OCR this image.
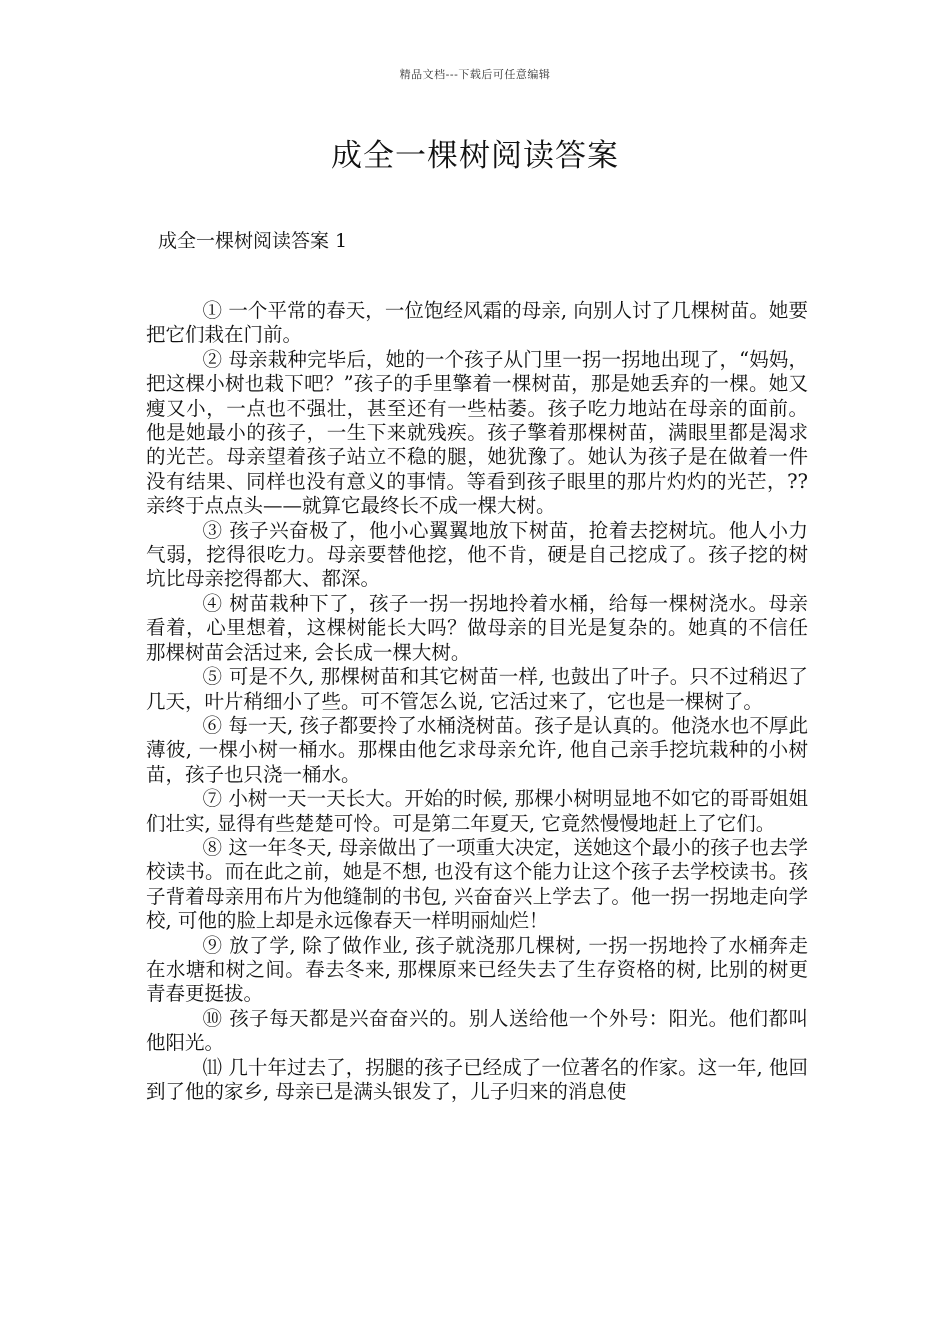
精品文档---下载后可任意编辑
成全一棵树阅读答案
成全一棵树阅读答案 1

① 一个平常的春天，一位饱经风霜的母亲, 向别人讨了几棵树苗。她要把它们栽在门前。

② 母亲栽种完毕后，她的一个孩子从门里一拐一拐地出现了，“妈妈，把这棵小树也栽下吧？”孩子的手里擎着一棵树苗，那是她丢弃的一棵。她又瘦又小，一点也不强壮，甚至还有一些枯萎。孩子吃力地站在母亲的面前。他是她最小的孩子，一生下来就残疾。孩子擎着那棵树苗，满眼里都是渴求的光芒。母亲望着孩子站立不稳的腿，她犹豫了。她认为孩子是在做着一件没有结果、同样也没有意义的事情。等看到孩子眼里的那片灼灼的光芒，??亲终于点点头——就算它最终长不成一棵大树。

③ 孩子兴奋极了，他小心翼翼地放下树苗，抢着去挖树坑。他人小力气弱，挖得很吃力。母亲要替他挖，他不肯，硬是自己挖成了。孩子挖的树坑比母亲挖得都大、都深。

④ 树苗栽种下了，孩子一拐一拐地拎着水桶，给每一棵树浇水。母亲看着，心里想着，这棵树能长大吗？做母亲的目光是复杂的。她真的不信任那棵树苗会活过来, 会长成一棵大树。

⑤ 可是不久, 那棵树苗和其它树苗一样, 也鼓出了叶子。只不过稍迟了几天，叶片稍细小了些。可不管怎么说, 它活过来了，它也是一棵树了。

⑥ 每一天, 孩子都要拎了水桶浇树苗。孩子是认真的。他浇水也不厚此薄彼, 一棵小树一桶水。那棵由他乞求母亲允许, 他自己亲手挖坑栽种的小树苗，孩子也只浇一桶水。

⑦ 小树一天一天长大。开始的时候, 那棵小树明显地不如它的哥哥姐姐们壮实, 显得有些楚楚可怜。可是第二年夏天, 它竟然慢慢地赶上了它们。

⑧ 这一年冬天, 母亲做出了一项重大决定，送她这个最小的孩子也去学校读书。而在此之前，她是不想, 也没有这个能力让这个孩子去学校读书。孩子背着母亲用布片为他缝制的书包, 兴奋奋兴上学去了。他一拐一拐地走向学校, 可他的脸上却是永远像春天一样明丽灿烂！

⑨ 放了学, 除了做作业, 孩子就浇那几棵树, 一拐一拐地拎了水桶奔走在水塘和树之间。春去冬来, 那棵原来已经失去了生存资格的树, 比别的树更青春更挺拔。

⑩ 孩子每天都是兴奋奋兴的。别人送给他一个外号：阳光。他们都叫他阳光。

⑾ 几十年过去了，拐腿的孩子已经成了一位著名的作家。这一年, 他回到了他的家乡, 母亲已是满头银发了，儿子归来的消息使
